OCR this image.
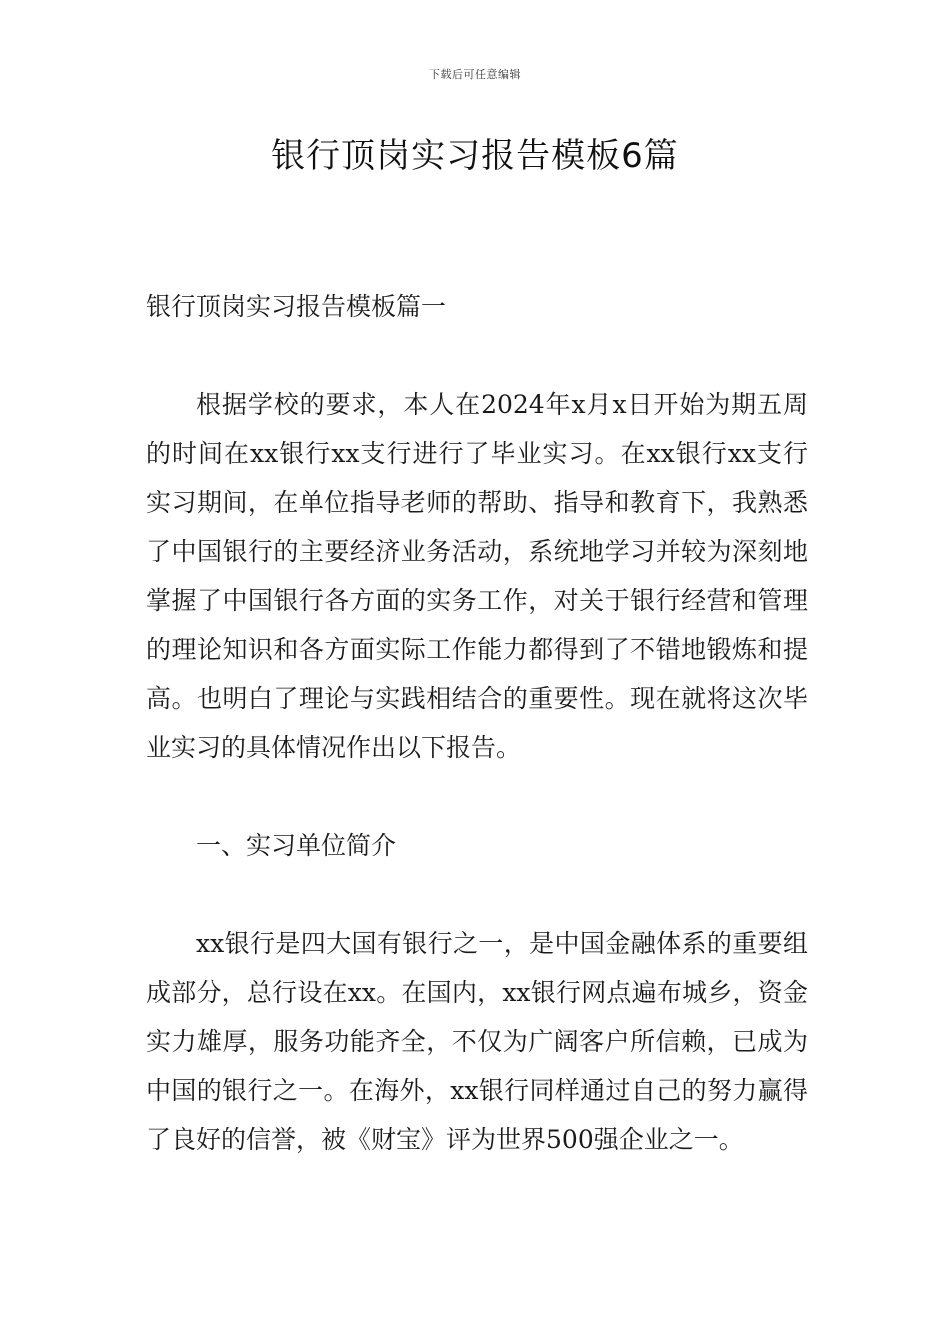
下载后可任意编辑
银行顶岗实习报告模板6篇

银行顶岗实习报告模板篇一

根据学校的要求，本人在2024年x月x日开始为期五周的时间在xx银行xx支行进行了毕业实习。在xx银行xx支行实习期间，在单位指导老师的帮助、指导和教育下，我熟悉了中国银行的主要经济业务活动，系统地学习并较为深刻地掌握了中国银行各方面的实务工作，对关于银行经营和管理的理论知识和各方面实际工作能力都得到了不错地锻炼和提高。也明白了理论与实践相结合的重要性。现在就将这次毕业实习的具体情况作出以下报告。

一、实习单位简介

xx银行是四大国有银行之一，是中国金融体系的重要组成部分，总行设在xx。在国内，xx银行网点遍布城乡，资金实力雄厚，服务功能齐全，不仅为广阔客户所信赖，已成为中国的银行之一。在海外，xx银行同样通过自己的努力赢得了良好的信誉，被《财宝》评为世界500强企业之一。
